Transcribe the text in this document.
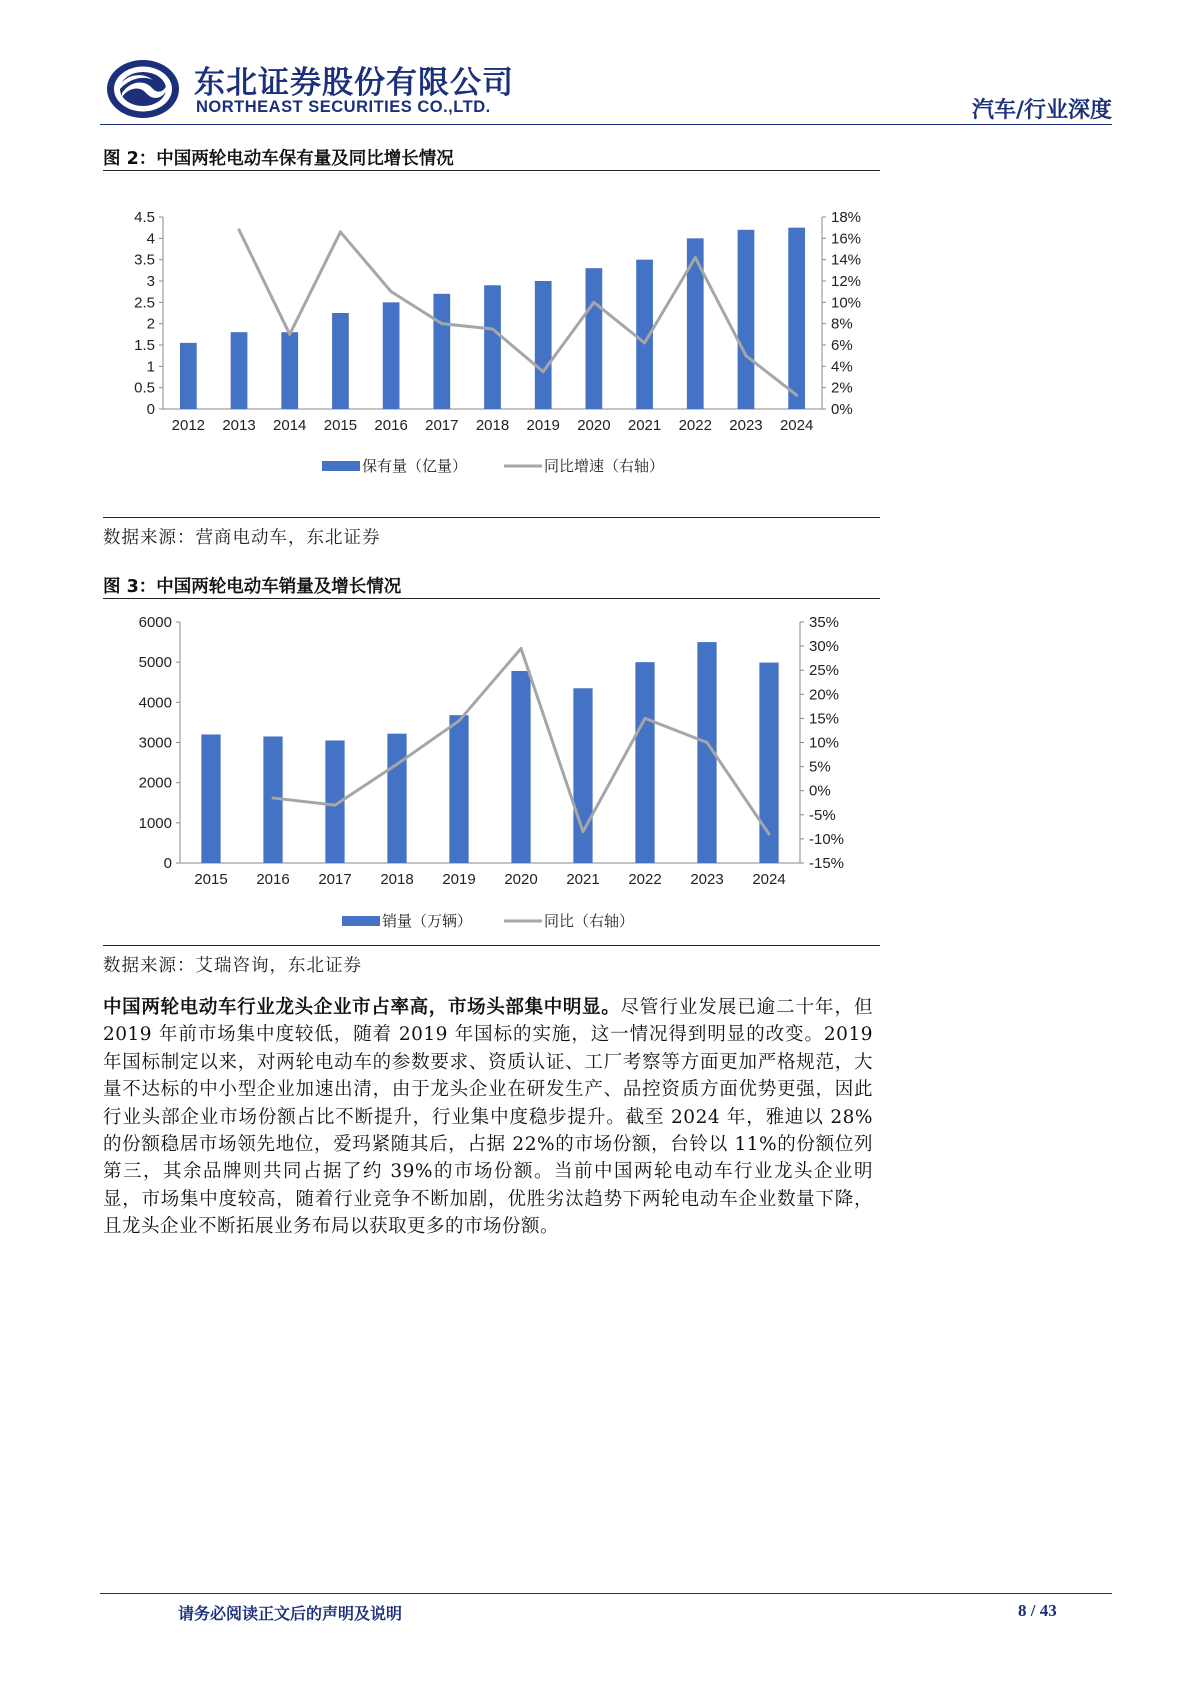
东北证券股份有限公司
NORTHEAST SECURITIES CO.,LTD.	汽车/行业深度
图 2：中国两轮电动车保有量及同比增长情况
0
0.5
1
1.5
2
2.5
3
3.5
4
4.5
0%
2%
4%
6%
8%
10%
12%
14%
16%
18%
2012 2013 2014 2015 2016 2017 2018 2019 2020 2021 2022 2023 2024
保有量（亿量）	同比增速（右轴）
数据来源：营商电动车，东北证券
图 3：中国两轮电动车销量及增长情况
0
1000
2000
3000
4000
5000
6000
-15%
-10%
-5%
0%
5%
10%
15%
20%
25%
30%
35%
2015 2016 2017 2018 2019 2020 2021 2022 2023 2024
销量（万辆）	同比（右轴）
数据来源：艾瑞咨询，东北证券
中国两轮电动车行业龙头企业市占率高，市场头部集中明显。尽管行业发展已逾二十年，但 2019 年前市场集中度较低，随着 2019 年国标的实施，这一情况得到明显的改变。2019 年国标制定以来，对两轮电动车的参数要求、资质认证、工厂考察等方面更加严格规范，大量不达标的中小型企业加速出清，由于龙头企业在研发生产、品控资质方面优势更强，因此行业头部企业市场份额占比不断提升，行业集中度稳步提升。截至 2024 年，雅迪以 28%的份额稳居市场领先地位，爱玛紧随其后，占据 22%的市场份额，台铃以 11%的份额位列第三，其余品牌则共同占据了约 39%的市场份额。当前中国两轮电动车行业龙头企业明显，市场集中度较高，随着行业竞争不断加剧，优胜劣汰趋势下两轮电动车企业数量下降，且龙头企业不断拓展业务布局以获取更多的市场份额。
请务必阅读正文后的声明及说明	8 / 43
